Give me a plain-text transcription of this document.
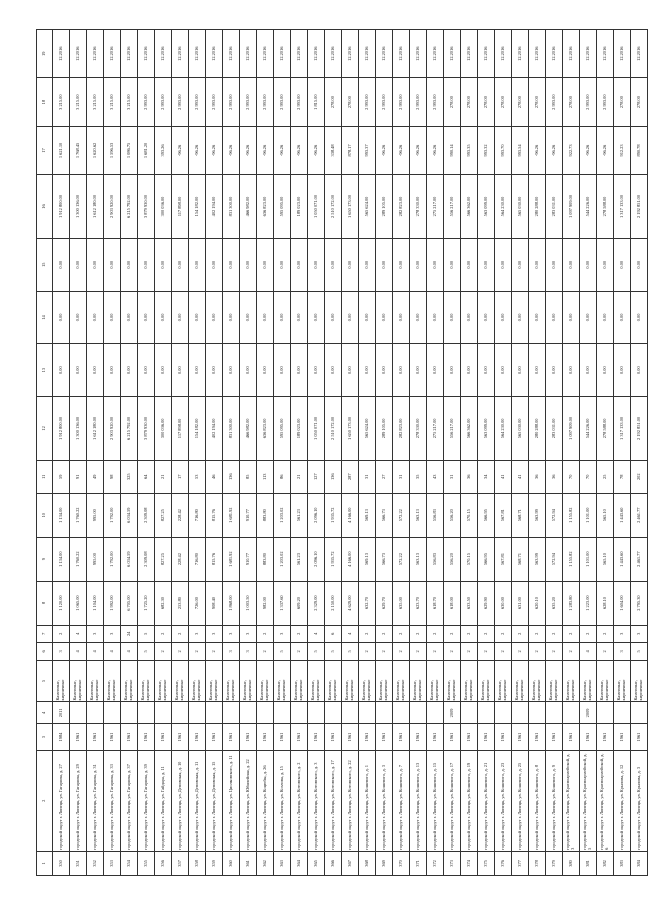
1	2	3	4	5	6	7	8	9	10	11	12	13	14	15	16	17	18	19
350	городской округ г. Липецк, ул. Гагарина, д. 27	1984	2011	Каменные, кирпичные	3	2	1 120.00	1 134.00	1 134.00	59	1 912 800.00	0.00	0.00	0.00	1 912 800.00	1 621.10	3 215.00	12.2016
351	городской округ г. Липецк, ул. Гагарина, д. 29	1961		Каменные, кирпичные	4	4	1 065.00	1 760.22	1 760.22	91	1 300 136.00	0.00	0.00	0.00	1 300 136.00	1 768.45	3 215.00	12.2016
352	городской округ г. Липецк, ул. Гагарина, д. 31	1961		Каменные, кирпичные	4	3	1 104.00	995.00	995.00	49	1 612 180.00	0.00	0.00	0.00	1 612 180.00	1 620.62	3 215.00	12.2016
353	городской округ г. Липецк, ул. Гагарина, д. 33	1961		Каменные, кирпичные	4	3	1 992.00	1 792.00	1 792.00	98	2 903 920.00	0.00	0.00	0.00	2 903 920.00	1 596.53	3 215.00	12.2016
354	городской округ г. Липецк, ул. Гагарина, д. 37	1961		Каменные, кирпичные	4	24	6 705.00	6 034.59	6 034.59	325	6 215 792.00	0.00	0.00	0.00	6 215 792.00	1 086.75	3 215.00	12.2016
355	городской округ г. Липецк, ул. Гагарина, д. 39	1961		Каменные, кирпичные	5	5	1 725.20	2 309.08	2 309.08	64	3 879 930.00	0.00	0.00	0.00	3 879 930.00	1 681.20	2 993.00	12.2016
356	городской округ г. Липецк, ул. Гайдара, д. 11	1961		Каменные, кирпичные	2	2	682.30	827.25	827.25	21	300 036.00	0.00	0.00	0.00	300 036.00	393.26	2 993.00	12.2016
357	городской округ г. Липецк, ул. Деповская, д. 10	1961		Каменные, кирпичные	2	2	253.80	228.42	228.42	17	117 898.00	0.00	0.00	0.00	117 898.00	-96.26	2 993.00	12.2016
358	городской округ г. Липецк, ул. Деповская, д. 11	1961		Каменные, кирпичные	2	3	726.00	716.80	716.80	53	154 182.00	0.00	0.00	0.00	154 182.00	-96.26	2 993.00	12.2016
359	городской округ г. Липецк, ул. Деповская, д. 15	1961		Каменные, кирпичные	2	3	908.40	815.76	815.76	46	402 194.00	0.00	0.00	0.00	402 194.00	-96.26	2 993.00	12.2016
360	городской округ г. Липецк, ул. Циолковского, д. 11	1961		Каменные, кирпичные	3	3	1 868.00	1 681.92	1 681.92	136	831 300.00	0.00	0.00	0.00	831 300.00	-96.26	2 993.00	12.2016
361	городской округ г. Липецк, ул. Юбилейная, д. 22	1961		Каменные, кирпичные	3	3	1 003.50	910.77	910.77	85	466 982.00	0.00	0.00	0.00	466 982.00	-96.26	2 993.00	12.2016
362	городской округ г. Липецк, ул. Коцюбы, д. 26	1961		Каменные, кирпичные	2	2	982.00	883.80	883.80	113	636 823.00	0.00	0.00	0.00	636 823.00	-96.26	2 993.00	12.2016
363	городской округ г. Липецк, ул. Козлова, д. 15	1961		Каменные, кирпичные	5	3	1 337.60	1 203.02	1 203.02	86	595 095.00	0.00	0.00	0.00	595 095.00	-96.26	2 993.00	12.2016
364	городской округ г. Липецк, ул. Котовского, д. 2	1961		Каменные, кирпичные	2	2	609.20	561.23	561.23	21	189 023.00	0.00	0.00	0.00	189 023.00	-96.26	2 993.00	12.2016
365	городской округ г. Липецк, ул. Котовского, д. 3	1961		Каменные, кирпичные	5	4	2 329.00	2 096.10	2 096.10	127	1 050 071.00	0.00	0.00	0.00	1 050 071.00	-96.26	1 815.00	12.2016
366	городской округ г. Липецк, ул. Котовского, д. 17	1961		Каменные, кирпичные	5	6	2 150.00	1 935.72	1 935.72	136	2 510 172.00	0.00	0.00	0.00	2 510 172.00	338.48	278.00	12.2016
367	городской округ г. Липецк, ул. Котовского, д. 22	1961		Каменные, кирпичные	5	4	4 629.00	4 166.00	4 166.00	287	1 650 173.00	0.00	0.00	0.00	1 650 173.00	878.17	278.00	12.2016
368	городской округ г. Липецк, ул. Кошевого, д. 1	1961		Каменные, кирпичные	2	2	632.70	569.13	569.13	31	565 624.00	0.00	0.00	0.00	565 624.00	993.37	2 993.00	12.2016
369	городской округ г. Липецк, ул. Кошевого, д. 3	1961		Каменные, кирпичные	2	2	629.70	566.73	566.73	27	289 105.00	0.00	0.00	0.00	289 105.00	-96.26	2 993.00	12.2016
370	городской округ г. Липецк, ул. Кошевого, д. 7	1961		Каменные, кирпичные	2	2	635.00	572.22	572.22	31	282 823.00	0.00	0.00	0.00	282 823.00	-96.26	2 993.00	12.2016
371	городской округ г. Липецк, ул. Кошевого, д. 13	1961		Каменные, кирпичные	2	2	623.70	563.13	563.13	35	278 330.00	0.00	0.00	0.00	278 330.00	-96.26	2 993.00	12.2016
372	городской округ г. Липецк, ул. Кошевого, д. 15	1961		Каменные, кирпичные	2	2	618.70	556.83	556.83	43	275 217.00	0.00	0.00	0.00	275 217.00	-96.26	2 993.00	12.2016
373	городской округ г. Липецк, ул. Кошевого, д. 17	1961	2009	Каменные, кирпичные	2	2	618.00	556.20	556.20	31	556 217.00	0.00	0.00	0.00	556 217.00	990.14	278.00	12.2016
374	городской округ г. Липецк, ул. Кошевого, д. 19	1961		Каменные, кирпичные	2	2	633.50	570.15	570.15	36	566 362.00	0.00	0.00	0.00	566 362.00	993.35	278.00	12.2016
375	городской округ г. Липецк, ул. Кошевого, д. 21	1961		Каменные, кирпичные	2	2	629.90	566.95	566.95	34	563 099.00	0.00	0.00	0.00	563 099.00	993.32	278.00	12.2016
376	городской округ г. Липецк, ул. Кошевого, д. 23	1961		Каменные, кирпичные	2	2	630.00	567.81	567.81	41	564 230.00	0.00	0.00	0.00	564 230.00	993.70	278.00	12.2016
377	городской округ г. Липецк, ул. Кошевого, д. 25	1961		Каменные, кирпичные	2	2	631.00	568.71	568.71	41	565 030.00	0.00	0.00	0.00	565 030.00	993.54	278.00	12.2016
378	городской округ г. Липецк, ул. Кошевого, д. 8	1961		Каменные, кирпичные	2	2	620.10	563.99	563.99	36	280 288.00	0.00	0.00	0.00	280 288.00	-96.26	278.00	12.2016
379	городской округ г. Липецк, ул. Кошевого, д. 9	1961		Каменные, кирпичные	2	2	635.20	572.94	572.94	36	283 031.00	0.00	0.00	0.00	283 031.00	-96.26	2 993.00	12.2016
380	городской округ г. Липецк, ул. Красноармейской, д. 3	1961		Каменные, кирпичные	2	2	1 283.80	1 155.82	1 155.82	70	1 097 909.00	0.00	0.00	0.00	1 097 909.00	922.73	278.00	12.2016
381	городской округ г. Липецк, ул. Красноармейской, д. 5	1961	2009	Каменные, кирпичные	4	2	1 223.00	1 101.00	1 101.00	70	544 226.00	0.00	0.00	0.00	544 226.00	-96.26	2 993.00	12.2016
382	городской округ г. Липецк, ул. Красноармейской, д. 6	1961		Каменные, кирпичные	2	2	628.10	565.10	565.10	25	278 588.00	0.00	0.00	0.00	278 588.00	-96.26	2 993.00	12.2016
383	городской округ г. Липецк, ул. Крылова, д. 12	1961		Каменные, кирпичные	3	3	1 604.00	1 443.60	1 443.60	78	1 317 133.00	0.00	0.00	0.00	1 317 133.00	912.23	278.00	12.2016
384	городской округ г. Липецк, ул. Крылова, д. 3	1961		Каменные, кирпичные	5	3	2 795.30	2 461.77	2 461.77	202	2 192 851.00	0.00	0.00	0.00	2 192 851.00	890.78	278.00	12.2016
